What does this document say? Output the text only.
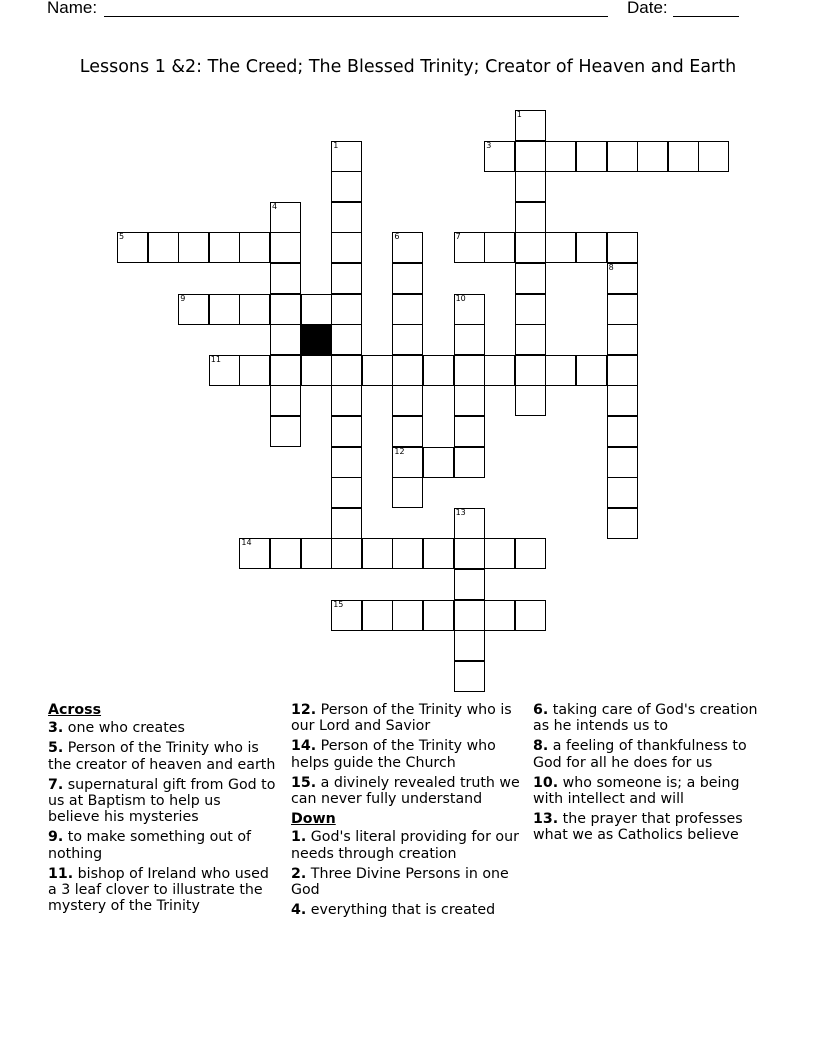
Name:	Date:
Lessons 1 &2: The Creed; The Blessed Trinity; Creator of Heaven and Earth
1
1	3
4
5	6
12
7
8
9	10
11
13
14
15
Across
3. one who creates
5. Person of the Trinity who is the creator of heaven and earth
7. supernatural gift from God to us at Baptism to help us believe his mysteries
9. to make something out of nothing
11. bishop of Ireland who used a 3 leaf clover to illustrate the mystery of the Trinity
12. Person of the Trinity who is our Lord and Savior
14. Person of the Trinity who helps guide the Church
15. a divinely revealed truth we can never fully understand
Down
1. God's literal providing for our needs through creation
2. Three Divine Persons in one God
4. everything that is created
6. taking care of God's creation as he intends us to
8. a feeling of thankfulness to God for all he does for us
10. who someone is; a being with intellect and will
13. the prayer that professes what we as Catholics believe
